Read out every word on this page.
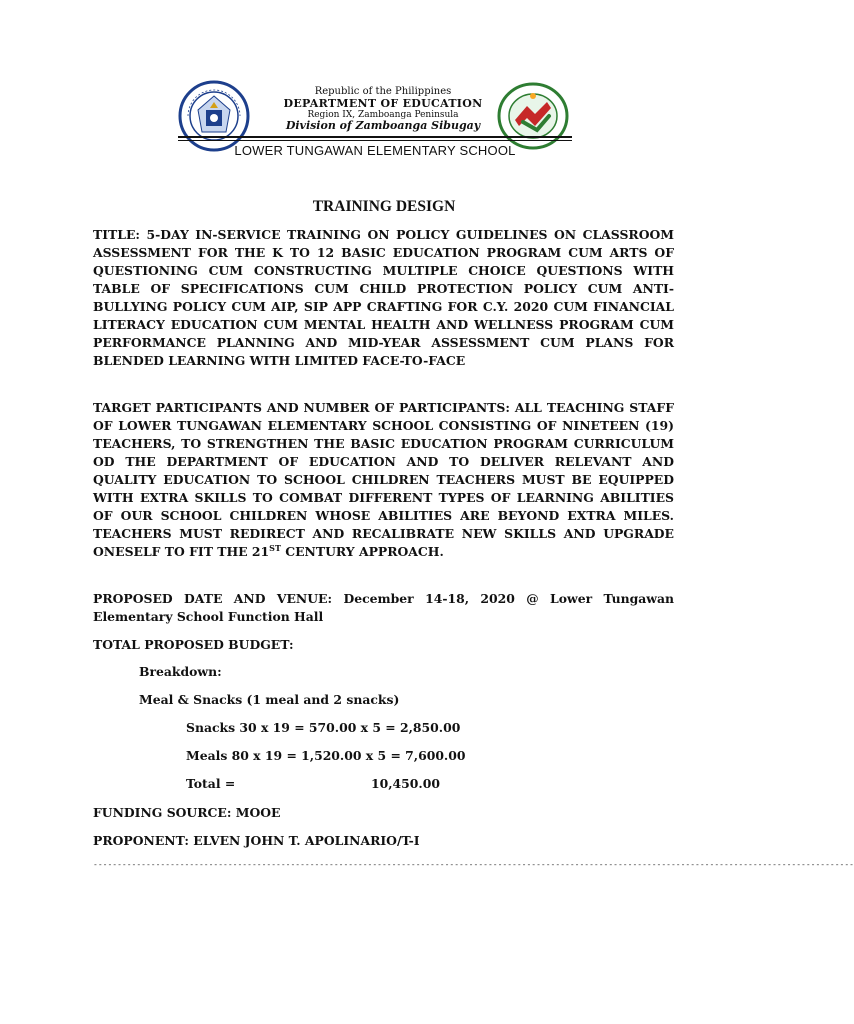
Republic of the Philippines
DEPARTMENT OF EDUCATION
Region IX, Zamboanga Peninsula
Division of Zamboanga Sibugay
LOWER TUNGAWAN ELEMENTARY SCHOOL
TRAINING DESIGN

TITLE: 5-DAY IN-SERVICE TRAINING ON POLICY GUIDELINES ON CLASSROOM ASSESSMENT FOR THE K TO 12 BASIC EDUCATION PROGRAM CUM ARTS OF QUESTIONING CUM CONSTRUCTING MULTIPLE CHOICE QUESTIONS WITH TABLE OF SPECIFICATIONS CUM CHILD PROTECTION POLICY CUM ANTI-BULLYING POLICY CUM AIP, SIP APP CRAFTING FOR C.Y. 2020 CUM FINANCIAL LITERACY EDUCATION CUM MENTAL HEALTH AND WELLNESS PROGRAM CUM PERFORMANCE PLANNING AND MID-YEAR ASSESSMENT CUM PLANS FOR BLENDED LEARNING WITH LIMITED FACE-TO-FACE

TARGET PARTICIPANTS AND NUMBER OF PARTICIPANTS: ALL TEACHING STAFF OF LOWER TUNGAWAN ELEMENTARY SCHOOL CONSISTING OF NINETEEN (19) TEACHERS, TO STRENGTHEN THE BASIC EDUCATION PROGRAM CURRICULUM OD THE DEPARTMENT OF EDUCATION AND TO DELIVER RELEVANT AND QUALITY EDUCATION TO SCHOOL CHILDREN TEACHERS MUST BE EQUIPPED WITH EXTRA SKILLS TO COMBAT DIFFERENT TYPES OF LEARNING ABILITIES OF OUR SCHOOL CHILDREN WHOSE ABILITIES ARE BEYOND EXTRA MILES. TEACHERS MUST REDIRECT AND RECALIBRATE NEW SKILLS AND UPGRADE ONESELF TO FIT THE 21ST CENTURY APPROACH.

PROPOSED DATE AND VENUE: December 14-18, 2020 @ Lower Tungawan Elementary School Function Hall

TOTAL PROPOSED BUDGET:
Breakdown:
Meal & Snacks (1 meal and 2 snacks)
Snacks 30 x 19 = 570.00 x 5 = 2,850.00
Meals 80 x 19 = 1,520.00 x 5 = 7,600.00
Total =	10,450.00
FUNDING SOURCE: MOOE
PROPONENT: ELVEN JOHN T. APOLINARIO/T-I
--------------------------------------------------------------------------------------------------------------------------------------------------------------
